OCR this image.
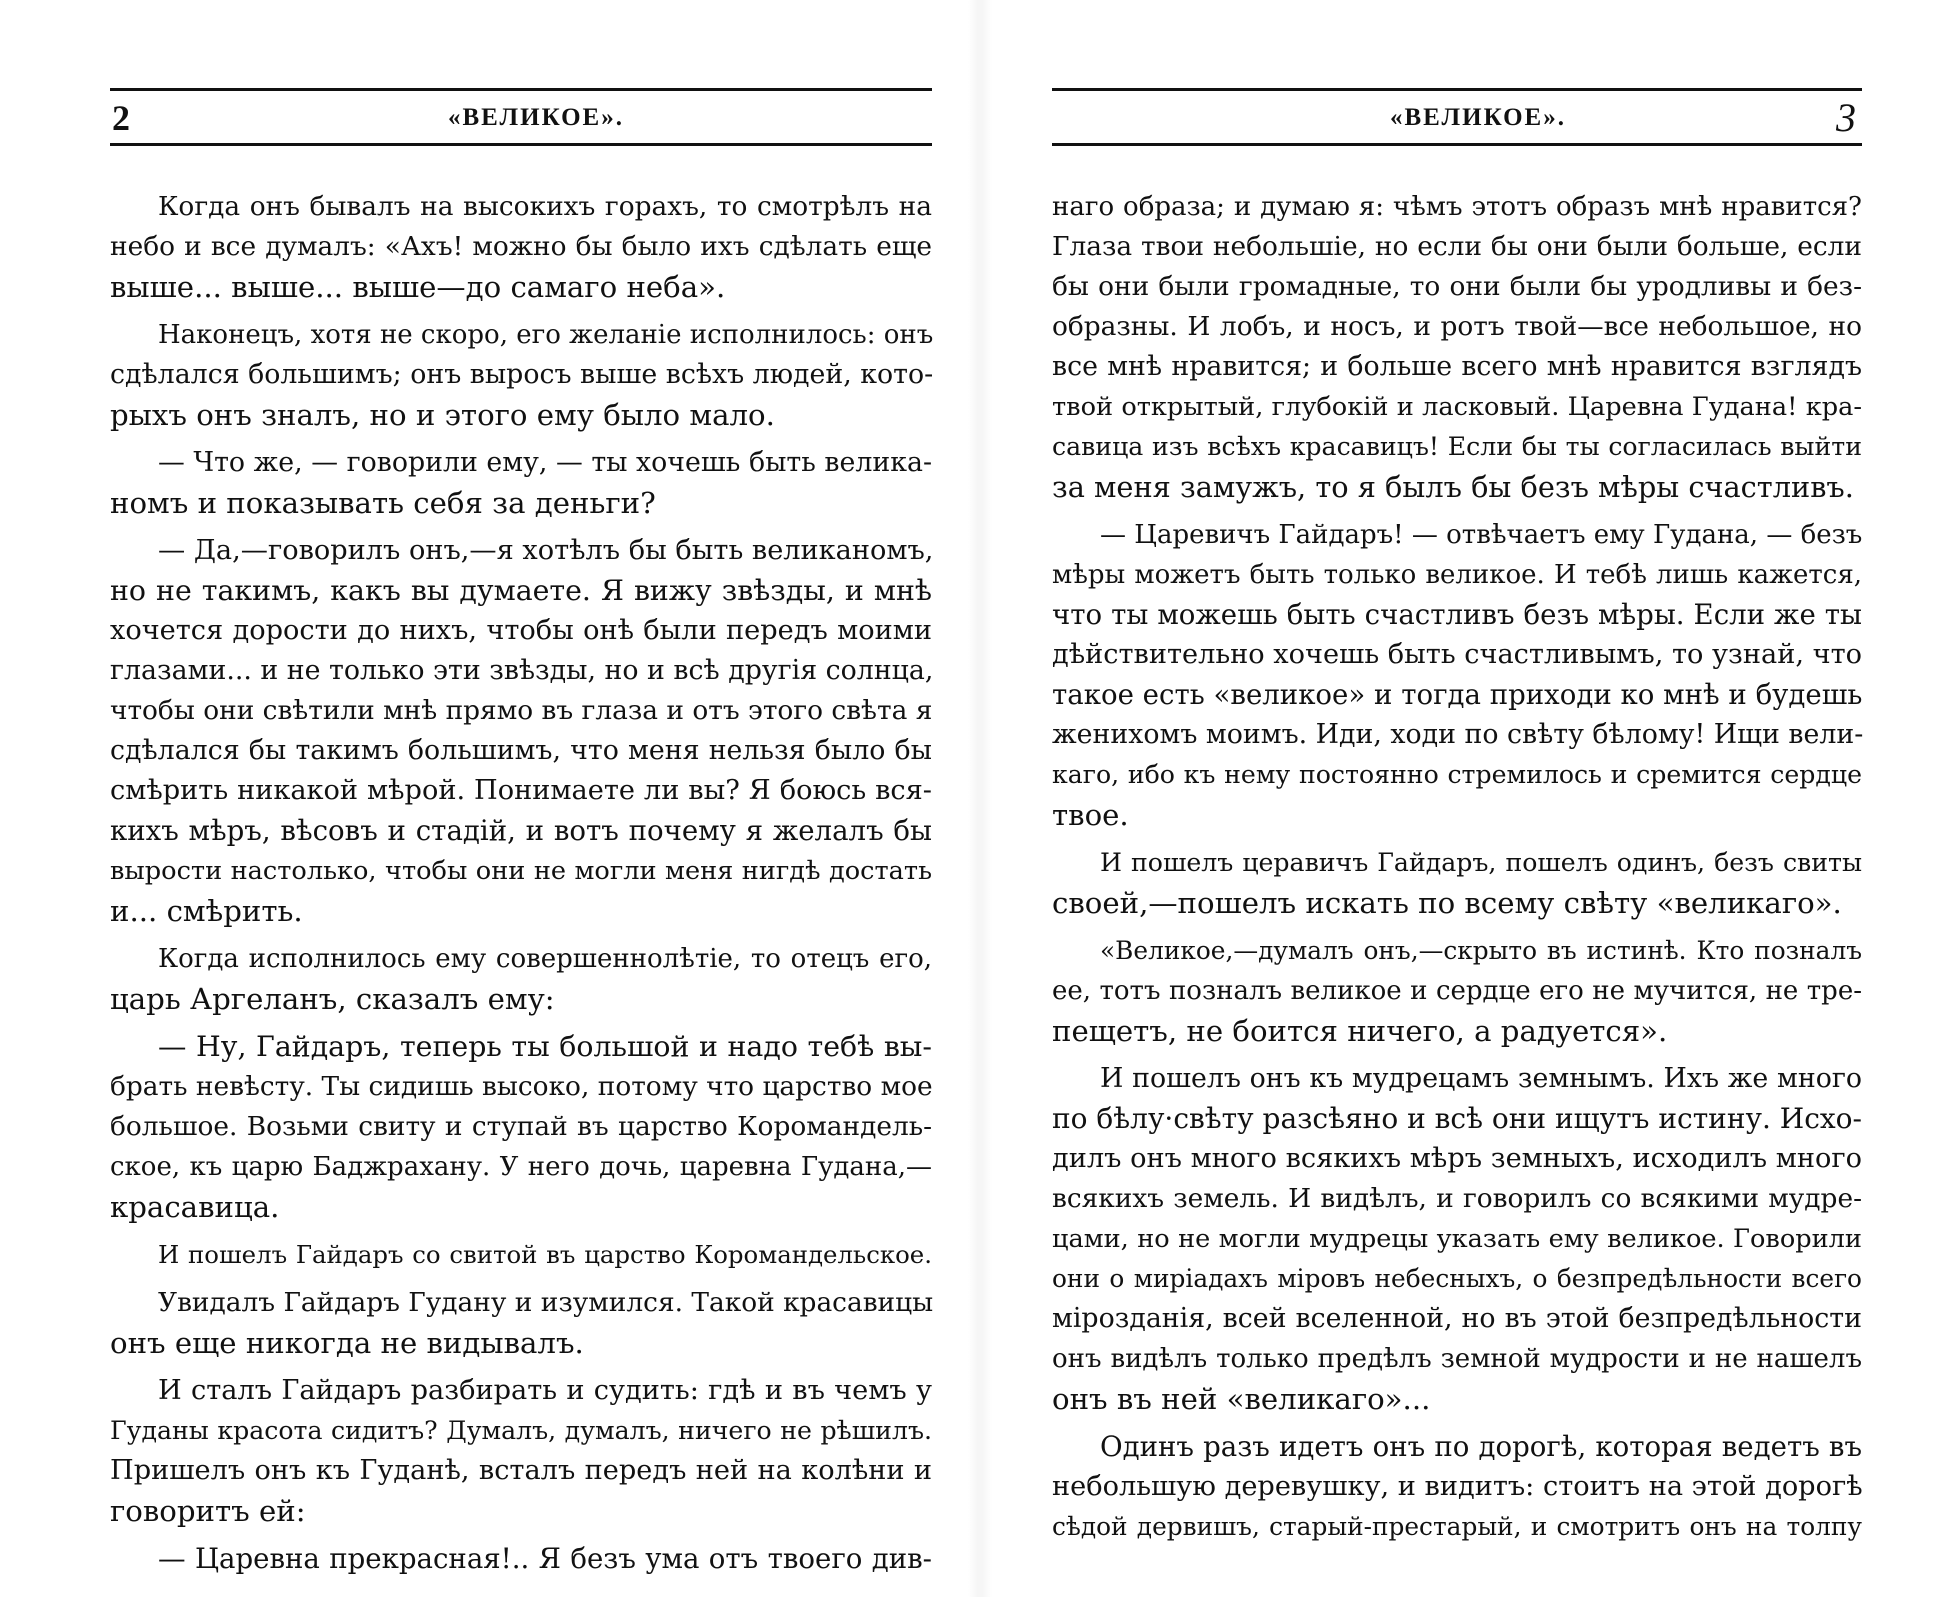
2	«ВЕЛИКОЕ».
Когда онъ бывалъ на высокихъ горахъ, то смотрѣлъ на
небо и все думалъ: «Ахъ! можно бы было ихъ сдѣлать еще
выше... выше... выше—до самаго неба».
Наконецъ, хотя не скоро, его желаніе исполнилось: онъ
сдѣлался большимъ; онъ выросъ выше всѣхъ людей, кото-
рыхъ онъ зналъ, но и этого ему было мало.
— Что же, — говорили ему, — ты хочешь быть велика-
номъ и показывать себя за деньги?
— Да,—говорилъ онъ,—я хотѣлъ бы быть великаномъ,
но не такимъ, какъ вы думаете. Я вижу звѣзды, и мнѣ
хочется дорости до нихъ, чтобы онѣ были передъ моими
глазами... и не только эти звѣзды, но и всѣ другія солнца,
чтобы они свѣтили мнѣ прямо въ глаза и отъ этого свѣта я
сдѣлался бы такимъ большимъ, что меня нельзя было бы
смѣрить никакой мѣрой. Понимаете ли вы? Я боюсь вся-
кихъ мѣръ, вѣсовъ и стадій, и вотъ почему я желалъ бы
вырости настолько, чтобы они не могли меня нигдѣ достать
и... смѣрить.
Когда исполнилось ему совершеннолѣтіе, то отецъ его,
царь Аргеланъ, сказалъ ему:
— Ну, Гайдаръ, теперь ты большой и надо тебѣ вы-
брать невѣсту. Ты сидишь высоко, потому что царство мое
большое. Возьми свиту и ступай въ царство Коромандель-
ское, къ царю Баджрахану. У него дочь, царевна Гудана,—
красавица.
И пошелъ Гайдаръ со свитой въ царство Коромандельское.
Увидалъ Гайдаръ Гудану и изумился. Такой красавицы
онъ еще никогда не видывалъ.
И сталъ Гайдаръ разбирать и судить: гдѣ и въ чемъ у
Гуданы красота сидитъ? Думалъ, думалъ, ничего не рѣшилъ.
Пришелъ онъ къ Гуданѣ, всталъ передъ ней на колѣни и
говоритъ ей:
— Царевна прекрасная!.. Я безъ ума отъ твоего див-
«ВЕЛИКОЕ».	3
наго образа; и думаю я: чѣмъ этотъ образъ мнѣ нравится?
Глаза твои небольшіе, но если бы они были больше, если
бы они были громадные, то они были бы уродливы и без-
образны. И лобъ, и носъ, и ротъ твой—все небольшое, но
все мнѣ нравится; и больше всего мнѣ нравится взглядъ
твой открытый, глубокій и ласковый. Царевна Гудана! кра-
савица изъ всѣхъ красавицъ! Если бы ты согласилась выйти
за меня замужъ, то я былъ бы безъ мѣры счастливъ.
— Царевичъ Гайдаръ! — отвѣчаетъ ему Гудана, — безъ
мѣры можетъ быть только великое. И тебѣ лишь кажется,
что ты можешь быть счастливъ безъ мѣры. Если же ты
дѣйствительно хочешь быть счастливымъ, то узнай, что
такое есть «великое» и тогда приходи ко мнѣ и будешь
женихомъ моимъ. Иди, ходи по свѣту бѣлому! Ищи вели-
каго, ибо къ нему постоянно стремилось и сремится сердце
твое.
И пошелъ церавичъ Гайдаръ, пошелъ одинъ, безъ свиты
своей,—пошелъ искать по всему свѣту «великаго».
«Великое,—думалъ онъ,—скрыто въ истинѣ. Кто позналъ
ее, тотъ позналъ великое и сердце его не мучится, не тре-
пещетъ, не боится ничего, а радуется».
И пошелъ онъ къ мудрецамъ земнымъ. Ихъ же много
по бѣлу·свѣту разсѣяно и всѣ они ищутъ истину. Исхо-
дилъ онъ много всякихъ мѣръ земныхъ, исходилъ много
всякихъ земель. И видѣлъ, и говорилъ со всякими мудре-
цами, но не могли мудрецы указать ему великое. Говорили
они о миріадахъ міровъ небесныхъ, о безпредѣльности всего
мірозданія, всей вселенной, но въ этой безпредѣльности
онъ видѣлъ только предѣлъ земной мудрости и не нашелъ
онъ въ ней «великаго»...
Одинъ разъ идетъ онъ по дорогѣ, которая ведетъ въ
небольшую деревушку, и видитъ: стоитъ на этой дорогѣ
сѣдой дервишъ, старый-престарый, и смотритъ онъ на толпу
